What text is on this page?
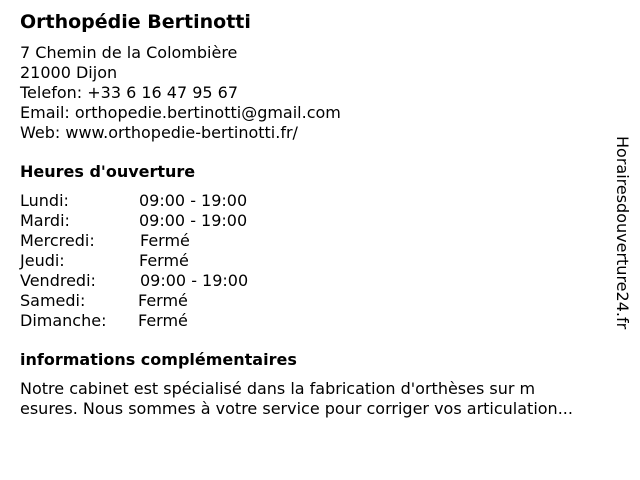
Orthopédie Bertinotti
7 Chemin de la Colombière
21000 Dijon
Telefon: +33 6 16 47 95 67
Email: orthopedie.bertinotti@gmail.com
Web: www.orthopedie-bertinotti.fr/
Heures d'ouverture
Lundi:	09:00 - 19:00
Mardi:	09:00 - 19:00
Mercredi:	Fermé
Jeudi:	Fermé
Vendredi:	09:00 - 19:00
Samedi:	Fermé
Dimanche: Fermé
informations complémentaires
Notre cabinet est spécialisé dans la fabrication d'orthèses sur m
esures. Nous sommes à votre service pour corriger vos articulation...
Horairesdouverture24.fr
